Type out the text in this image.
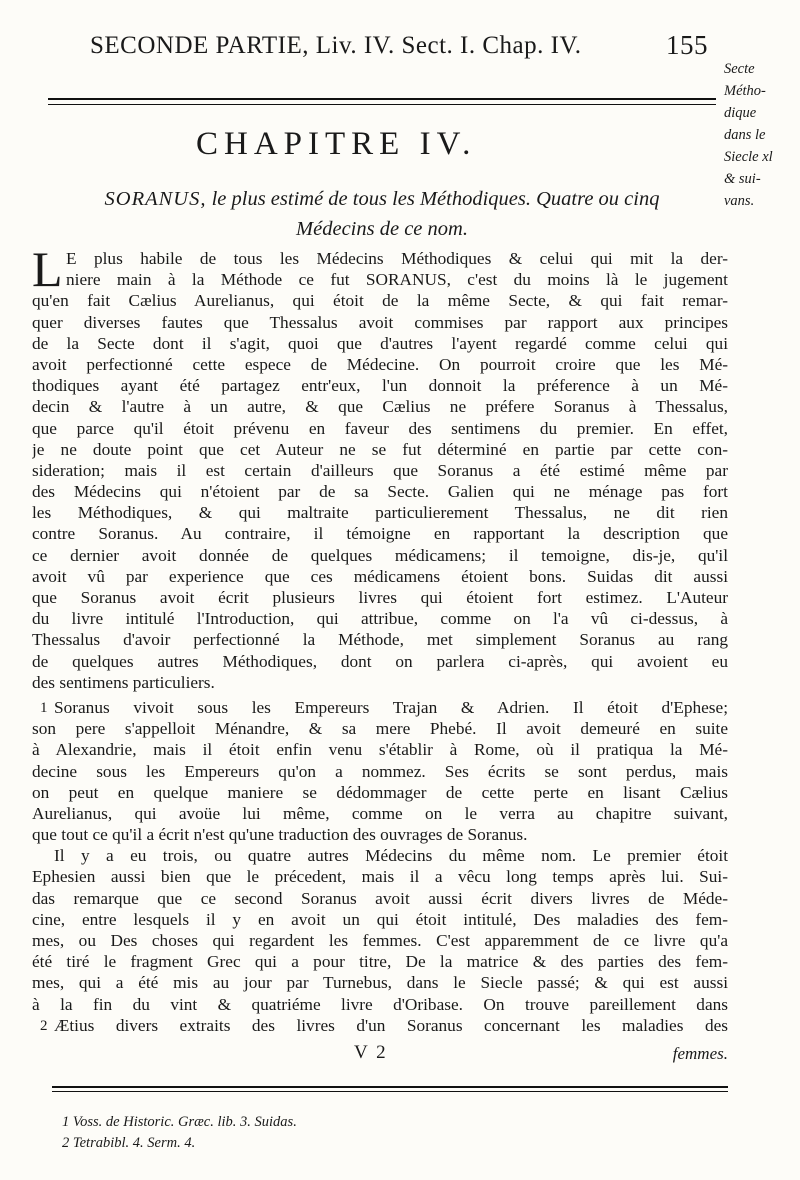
SECONDE PARTIE, Liv. IV. Sect. I. Chap. IV.	155
Secte
Métho-
dique
dans le
Siecle xl
& sui-
vans.
CHAPITRE IV.
SORANUS, le plus estimé de tous les Méthodiques. Quatre ou cinq
Médecins de ce nom.
L E plus habile de tous les Médecins Méthodiques & celui qui mit la der-
niere main à la Méthode ce fut SORANUS, c'est du moins là le jugement
qu'en fait Cælius Aurelianus, qui étoit de la même Secte, & qui fait remar-
quer diverses fautes que Thessalus avoit commises par rapport aux principes
de la Secte dont il s'agit, quoi que d'autres l'ayent regardé comme celui qui
avoit perfectionné cette espece de Médecine. On pourroit croire que les Mé-
thodiques ayant été partagez entr'eux, l'un donnoit la préference à un Mé-
decin & l'autre à un autre, & que Cælius ne préfere Soranus à Thessalus,
que parce qu'il étoit prévenu en faveur des sentimens du premier. En effet,
je ne doute point que cet Auteur ne se fut déterminé en partie par cette con-
sideration; mais il est certain d'ailleurs que Soranus a été estimé même par
des Médecins qui n'étoient par de sa Secte. Galien qui ne ménage pas fort
les Méthodiques, & qui maltraite particulierement Thessalus, ne dit rien
contre Soranus. Au contraire, il témoigne en rapportant la description que
ce dernier avoit donnée de quelques médicamens; il temoigne, dis-je, qu'il
avoit vû par experience que ces médicamens étoient bons. Suidas dit aussi
que Soranus avoit écrit plusieurs livres qui étoient fort estimez. L'Auteur
du livre intitulé l'Introduction, qui attribue, comme on l'a vû ci-dessus, à
Thessalus d'avoir perfectionné la Méthode, met simplement Soranus au rang
de quelques autres Méthodiques, dont on parlera ci-après, qui avoient eu
des sentimens particuliers.
1 Soranus vivoit sous les Empereurs Trajan & Adrien. Il étoit d'Ephese;
son pere s'appelloit Ménandre, & sa mere Phebé. Il avoit demeuré en suite
à Alexandrie, mais il étoit enfin venu s'établir à Rome, où il pratiqua la Mé-
decine sous les Empereurs qu'on a nommez. Ses écrits se sont perdus, mais
on peut en quelque maniere se dédommager de cette perte en lisant Cælius
Aurelianus, qui avoüe lui même, comme on le verra au chapitre suivant,
que tout ce qu'il a écrit n'est qu'une traduction des ouvrages de Soranus.
Il y a eu trois, ou quatre autres Médecins du même nom. Le premier étoit
Ephesien aussi bien que le précedent, mais il a vêcu long temps après lui. Sui-
das remarque que ce second Soranus avoit aussi écrit divers livres de Méde-
cine, entre lesquels il y en avoit un qui étoit intitulé, Des maladies des fem-
mes, ou Des choses qui regardent les femmes. C'est apparemment de ce livre qu'a
été tiré le fragment Grec qui a pour titre, De la matrice & des parties des fem-
mes, qui a été mis au jour par Turnebus, dans le Siecle passé; & qui est aussi
à la fin du vint & quatriéme livre d'Oribase. On trouve pareillement dans
2 Ætius divers extraits des livres d'un Soranus concernant les maladies des
V 2	femmes.
1 Voss. de Historic. Græc. lib. 3. Suidas.
2 Tetrabibl. 4. Serm. 4.
